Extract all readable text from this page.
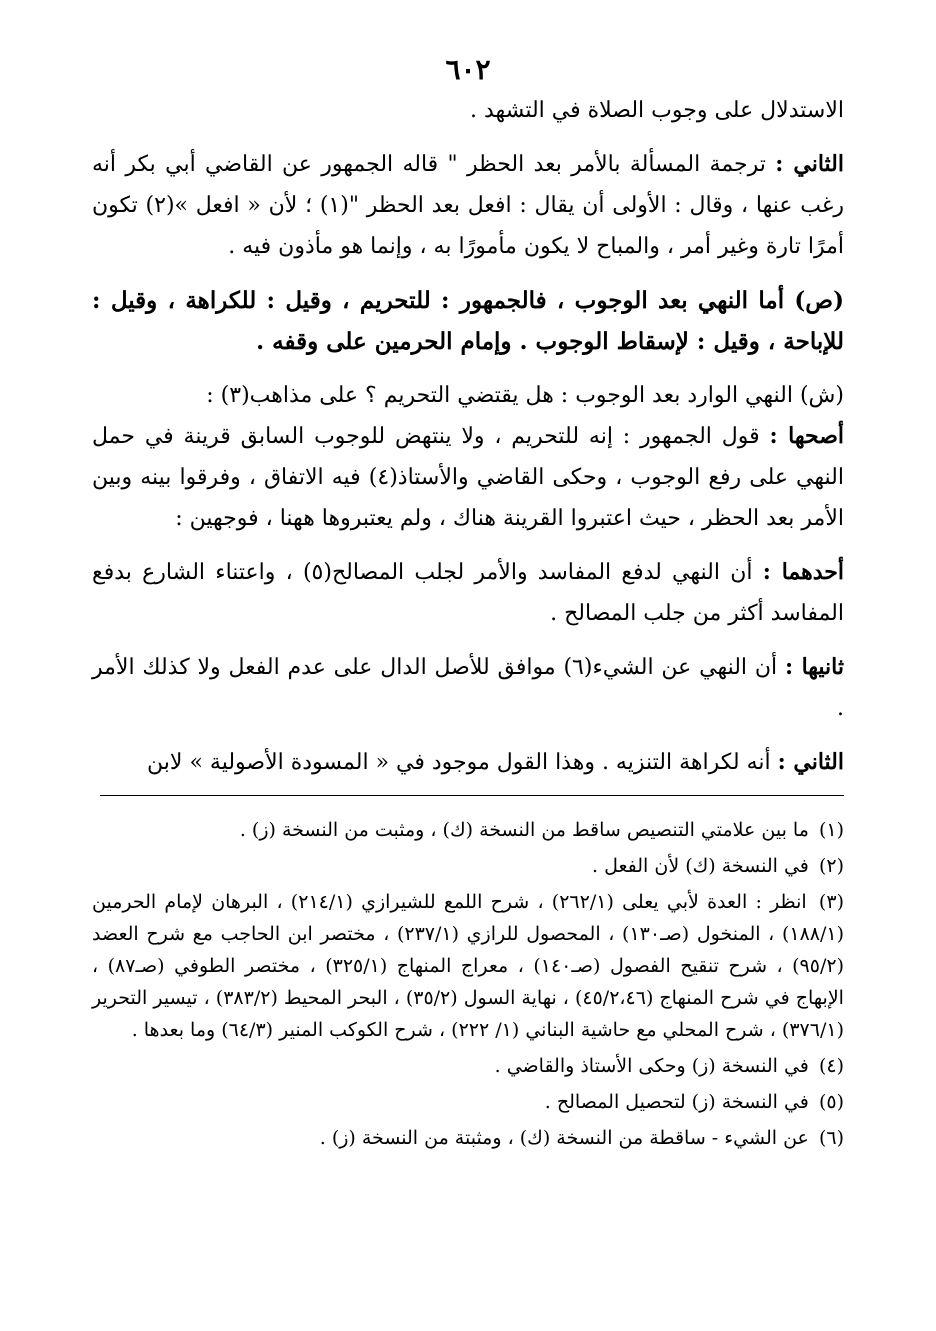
٦٠٢

الاستدلال على وجوب الصلاة في التشهد .

الثاني : ترجمة المسألة بالأمر بعد الحظر " قاله الجمهور عن القاضي أبي بكر أنه رغب عنها ، وقال : الأولى أن يقال : افعل بعد الحظر "(١) ؛ لأن « افعل »(٢) تكون أمرًا تارة وغير أمر ، والمباح لا يكون مأمورًا به ، وإنما هو مأذون فيه .

(ص) أما النهي بعد الوجوب ، فالجمهور : للتحريم ، وقيل : للكراهة ، وقيل : للإباحة ، وقيل : لإسقاط الوجوب . وإمام الحرمين على وقفه .

(ش) النهي الوارد بعد الوجوب : هل يقتضي التحريم ؟ على مذاهب(٣) :

أصحها : قول الجمهور : إنه للتحريم ، ولا ينتهض للوجوب السابق قرينة في حمل النهي على رفع الوجوب ، وحكى القاضي والأستاذ(٤) فيه الاتفاق ، وفرقوا بينه وبين الأمر بعد الحظر ، حيث اعتبروا القرينة هناك ، ولم يعتبروها ههنا ، فوجهين :

أحدهما : أن النهي لدفع المفاسد والأمر لجلب المصالح(٥) ، واعتناء الشارع بدفع المفاسد أكثر من جلب المصالح .

ثانيها : أن النهي عن الشيء(٦) موافق للأصل الدال على عدم الفعل ولا كذلك الأمر .

الثاني : أنه لكراهة التنزيه . وهذا القول موجود في « المسودة الأصولية » لابن

(١) ما بين علامتي التنصيص ساقط من النسخة (ك) ، ومثبت من النسخة (ز) .

(٢) في النسخة (ك) لأن الفعل .

(٣) انظر : العدة لأبي يعلى (٢٦٢/١) ، شرح اللمع للشيرازي (٢١٤/١) ، البرهان لإمام الحرمين (١٨٨/١) ، المنخول (صـ١٣٠) ، المحصول للرازي (٢٣٧/١) ، مختصر ابن الحاجب مع شرح العضد (٩٥/٢) ، شرح تنقيح الفصول (صـ١٤٠) ، معراج المنهاج (٣٢٥/١) ، مختصر الطوفي (صـ٨٧) ، الإبهاج في شرح المنهاج (٤٥/٢،٤٦) ، نهاية السول (٣٥/٢) ، البحر المحيط (٣٨٣/٢) ، تيسير التحرير (٣٧٦/١) ، شرح المحلي مع حاشية البناني (١/ ٢٢٢) ، شرح الكوكب المنير (٦٤/٣) وما بعدها .

(٤) في النسخة (ز) وحكى الأستاذ والقاضي .

(٥) في النسخة (ز) لتحصيل المصالح .

(٦) عن الشيء - ساقطة من النسخة (ك) ، ومثبتة من النسخة (ز) .
